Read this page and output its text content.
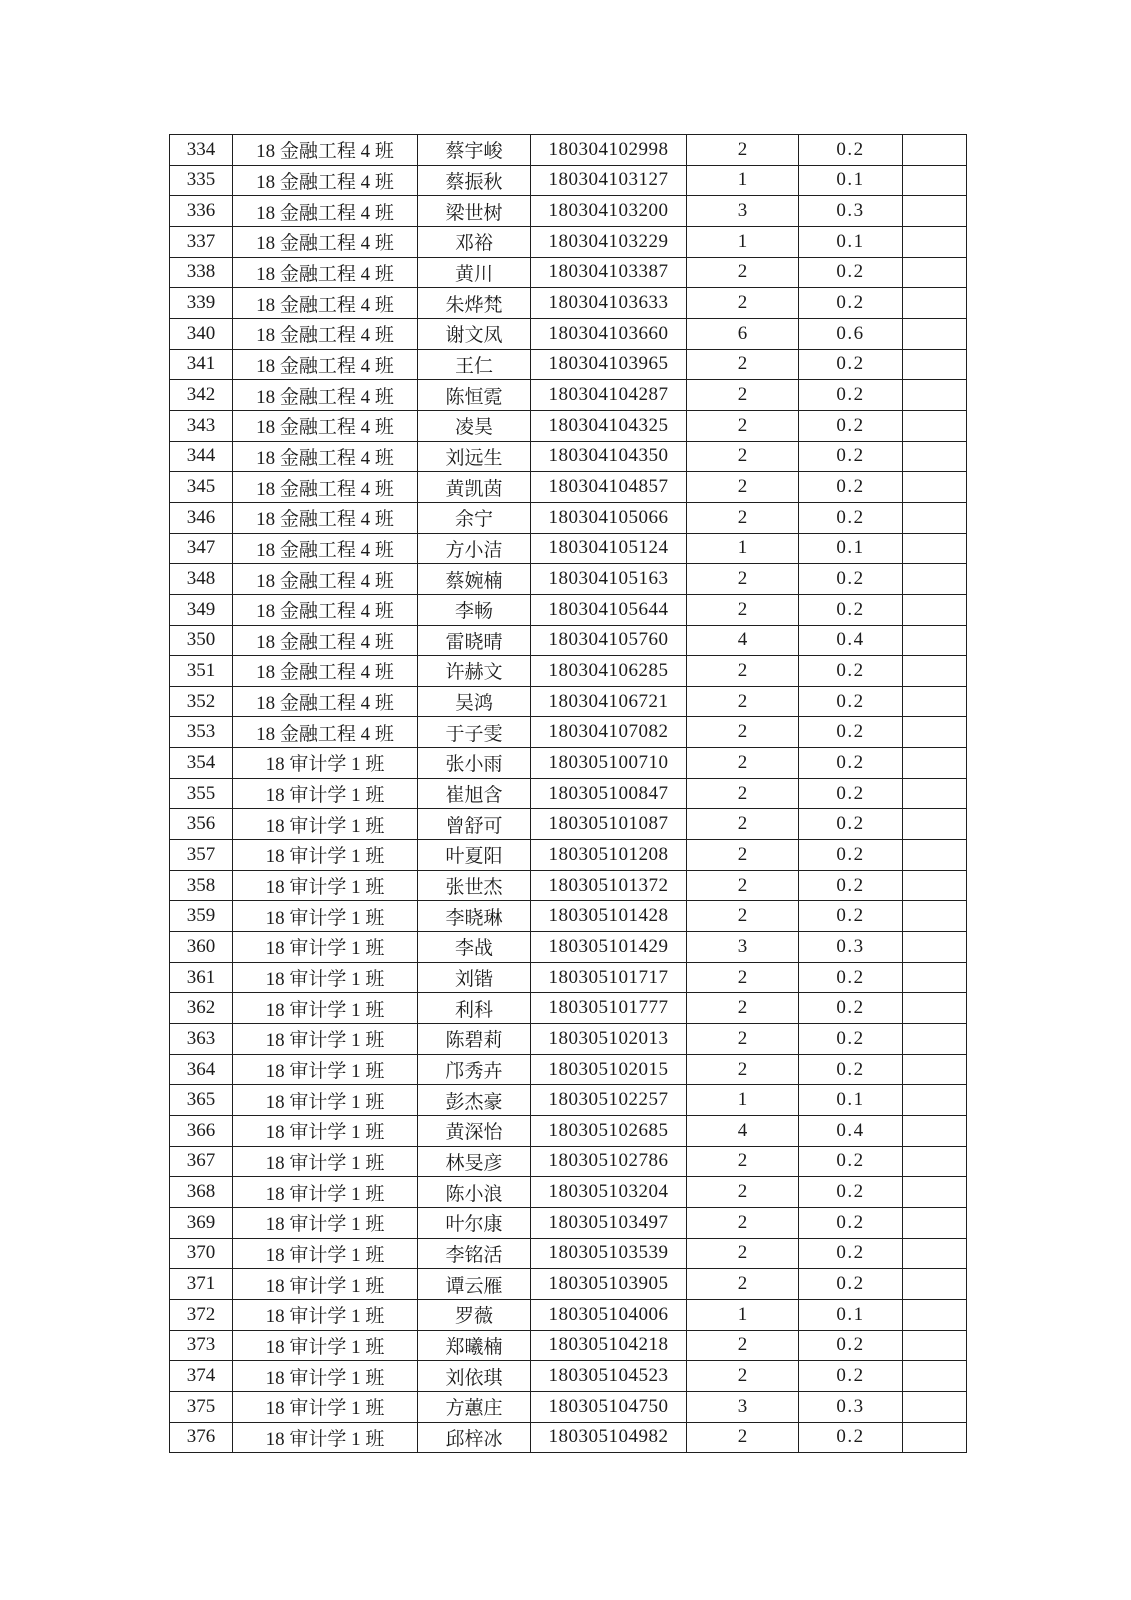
334	18 金融工程 4 班	蔡宇峻	180304102998	2	0.2	
335	18 金融工程 4 班	蔡振秋	180304103127	1	0.1	
336	18 金融工程 4 班	梁世树	180304103200	3	0.3	
337	18 金融工程 4 班	邓裕	180304103229	1	0.1	
338	18 金融工程 4 班	黄川	180304103387	2	0.2	
339	18 金融工程 4 班	朱烨梵	180304103633	2	0.2	
340	18 金融工程 4 班	谢文凤	180304103660	6	0.6	
341	18 金融工程 4 班	王仁	180304103965	2	0.2	
342	18 金融工程 4 班	陈恒霓	180304104287	2	0.2	
343	18 金融工程 4 班	凌昊	180304104325	2	0.2	
344	18 金融工程 4 班	刘远生	180304104350	2	0.2	
345	18 金融工程 4 班	黄凯茵	180304104857	2	0.2	
346	18 金融工程 4 班	余宁	180304105066	2	0.2	
347	18 金融工程 4 班	方小洁	180304105124	1	0.1	
348	18 金融工程 4 班	蔡婉楠	180304105163	2	0.2	
349	18 金融工程 4 班	李畅	180304105644	2	0.2	
350	18 金融工程 4 班	雷晓晴	180304105760	4	0.4	
351	18 金融工程 4 班	许赫文	180304106285	2	0.2	
352	18 金融工程 4 班	吴鸿	180304106721	2	0.2	
353	18 金融工程 4 班	于子雯	180304107082	2	0.2	
354	18 审计学 1 班	张小雨	180305100710	2	0.2	
355	18 审计学 1 班	崔旭含	180305100847	2	0.2	
356	18 审计学 1 班	曾舒可	180305101087	2	0.2	
357	18 审计学 1 班	叶夏阳	180305101208	2	0.2	
358	18 审计学 1 班	张世杰	180305101372	2	0.2	
359	18 审计学 1 班	李晓琳	180305101428	2	0.2	
360	18 审计学 1 班	李战	180305101429	3	0.3	
361	18 审计学 1 班	刘锴	180305101717	2	0.2	
362	18 审计学 1 班	利科	180305101777	2	0.2	
363	18 审计学 1 班	陈碧莉	180305102013	2	0.2	
364	18 审计学 1 班	邝秀卉	180305102015	2	0.2	
365	18 审计学 1 班	彭杰豪	180305102257	1	0.1	
366	18 审计学 1 班	黄深怡	180305102685	4	0.4	
367	18 审计学 1 班	林旻彦	180305102786	2	0.2	
368	18 审计学 1 班	陈小浪	180305103204	2	0.2	
369	18 审计学 1 班	叶尔康	180305103497	2	0.2	
370	18 审计学 1 班	李铭活	180305103539	2	0.2	
371	18 审计学 1 班	谭云雁	180305103905	2	0.2	
372	18 审计学 1 班	罗薇	180305104006	1	0.1	
373	18 审计学 1 班	郑曦楠	180305104218	2	0.2	
374	18 审计学 1 班	刘依琪	180305104523	2	0.2	
375	18 审计学 1 班	方蕙庄	180305104750	3	0.3	
376	18 审计学 1 班	邱梓冰	180305104982	2	0.2	
